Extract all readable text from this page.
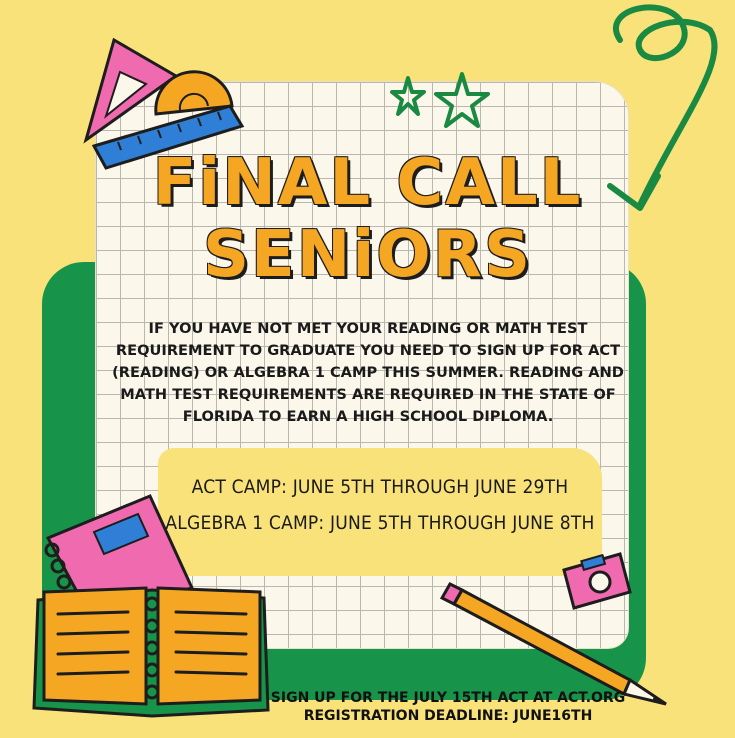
FiNAL CALL
SENiORS
IF YOU HAVE NOT MET YOUR READING OR MATH TEST REQUIREMENT TO GRADUATE YOU NEED TO SIGN UP FOR ACT (READING) OR ALGEBRA 1 CAMP THIS SUMMER. READING AND MATH TEST REQUIREMENTS ARE REQUIRED IN THE STATE OF FLORIDA TO EARN A HIGH SCHOOL DIPLOMA.
ACT CAMP: JUNE 5TH THROUGH JUNE 29TH
ALGEBRA 1 CAMP: JUNE 5TH THROUGH JUNE 8TH
SIGN UP FOR THE JULY 15TH ACT AT ACT.ORG
REGISTRATION DEADLINE: JUNE16TH
